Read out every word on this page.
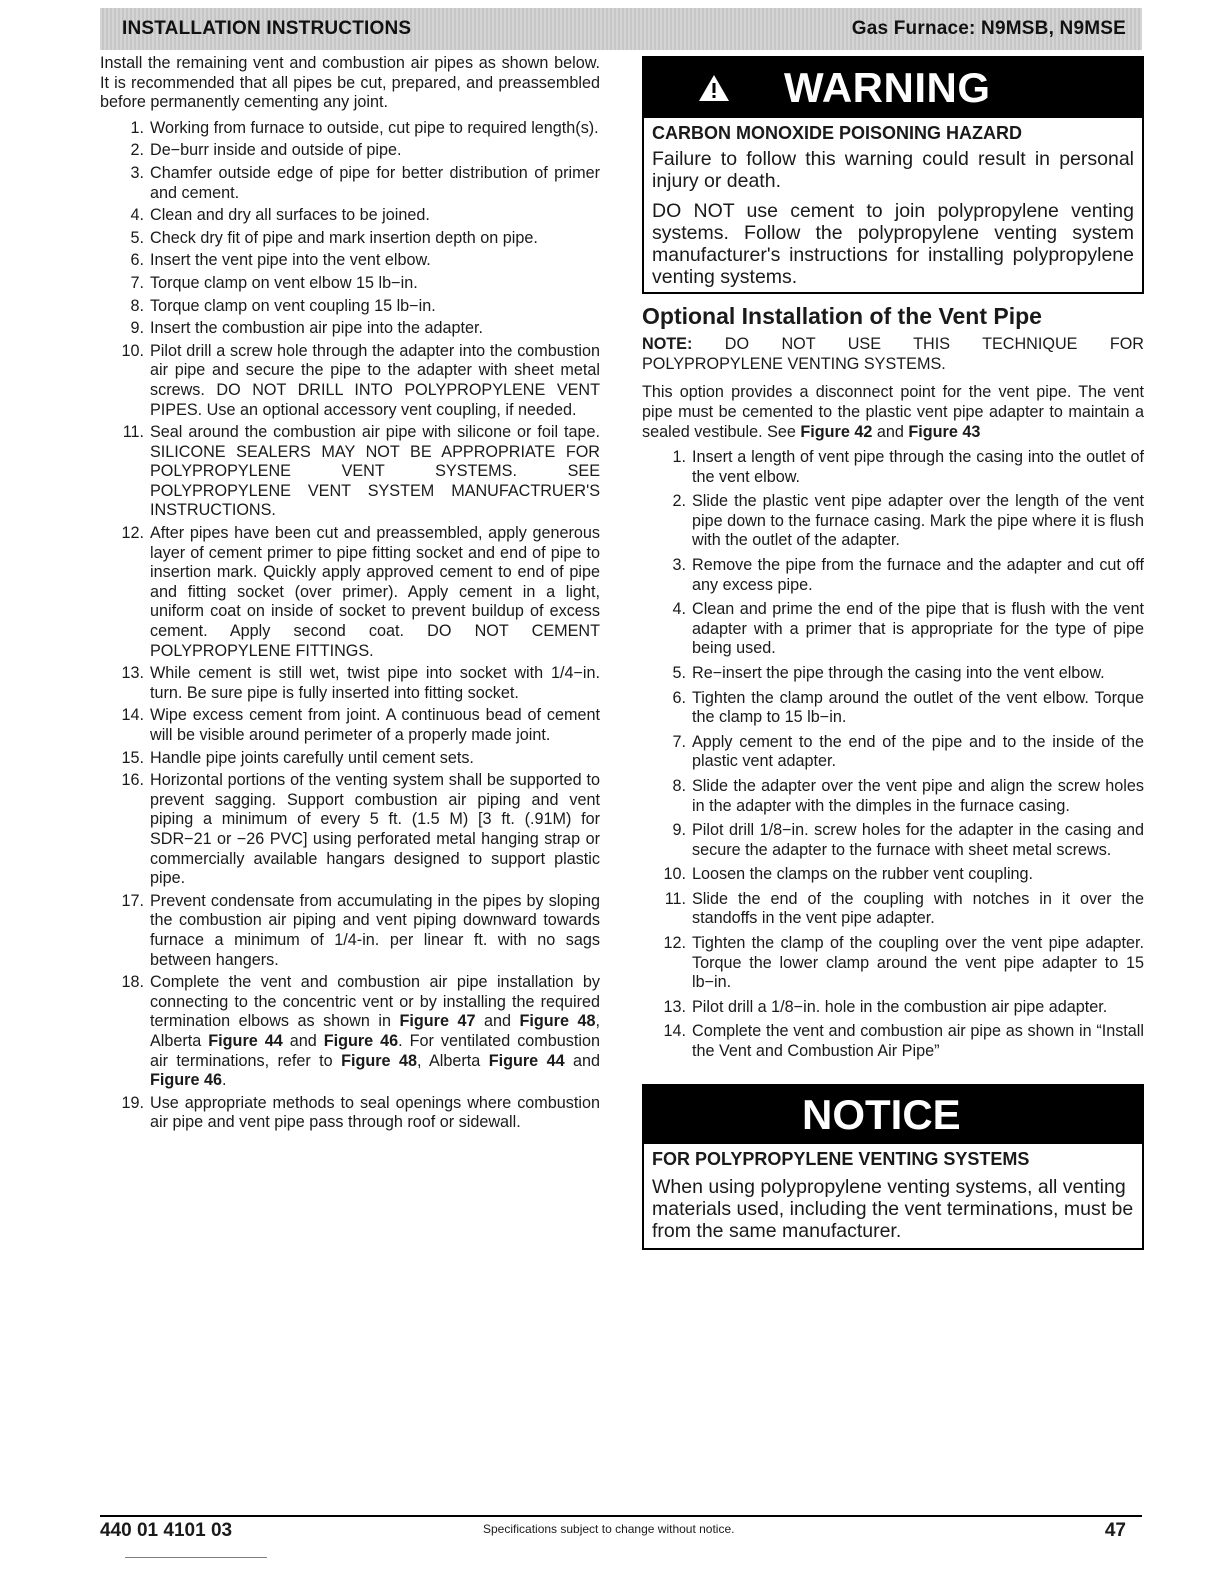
INSTALLATION INSTRUCTIONS	Gas Furnace: N9MSB, N9MSE

Install the remaining vent and combustion air pipes as shown below. It is recommended that all pipes be cut, prepared, and preassembled before permanently cementing any joint.

1. Working from furnace to outside, cut pipe to required length(s).
2. De−burr inside and outside of pipe.
3. Chamfer outside edge of pipe for better distribution of primer and cement.
4. Clean and dry all surfaces to be joined.
5. Check dry fit of pipe and mark insertion depth on pipe.
6. Insert the vent pipe into the vent elbow.
7. Torque clamp on vent elbow 15 lb−in.
8. Torque clamp on vent coupling 15 lb−in.
9. Insert the combustion air pipe into the adapter.
10. Pilot drill a screw hole through the adapter into the combustion air pipe and secure the pipe to the adapter with sheet metal screws. DO NOT DRILL INTO POLYPROPYLENE VENT PIPES. Use an optional accessory vent coupling, if needed.
11. Seal around the combustion air pipe with silicone or foil tape. SILICONE SEALERS MAY NOT BE APPROPRIATE FOR POLYPROPYLENE VENT SYSTEMS. SEE POLYPROPYLENE VENT SYSTEM MANUFACTRUER'S INSTRUCTIONS.
12. After pipes have been cut and preassembled, apply generous layer of cement primer to pipe fitting socket and end of pipe to insertion mark. Quickly apply approved cement to end of pipe and fitting socket (over primer). Apply cement in a light, uniform coat on inside of socket to prevent buildup of excess cement. Apply second coat. DO NOT CEMENT POLYPROPYLENE FITTINGS.
13. While cement is still wet, twist pipe into socket with 1/4−in. turn. Be sure pipe is fully inserted into fitting socket.
14. Wipe excess cement from joint. A continuous bead of cement will be visible around perimeter of a properly made joint.
15. Handle pipe joints carefully until cement sets.
16. Horizontal portions of the venting system shall be supported to prevent sagging. Support combustion air piping and vent piping a minimum of every 5 ft. (1.5 M) [3 ft. (.91M) for SDR−21 or −26 PVC] using perforated metal hanging strap or commercially available hangars designed to support plastic pipe.
17. Prevent condensate from accumulating in the pipes by sloping the combustion air piping and vent piping downward towards furnace a minimum of 1/4-in. per linear ft. with no sags between hangers.
18. Complete the vent and combustion air pipe installation by connecting to the concentric vent or by installing the required termination elbows as shown in Figure 47 and Figure 48, Alberta Figure 44 and Figure 46. For ventilated combustion air terminations, refer to Figure 48, Alberta Figure 44 and Figure 46.
19. Use appropriate methods to seal openings where combustion air pipe and vent pipe pass through roof or sidewall.
WARNING
CARBON MONOXIDE POISONING HAZARD

Failure to follow this warning could result in personal injury or death.

DO NOT use cement to join polypropylene venting systems. Follow the polypropylene venting system manufacturer's instructions for installing polypropylene venting systems.

Optional Installation of the Vent Pipe
NOTE: DO NOT USE THIS TECHNIQUE FOR
POLYPROPYLENE VENTING SYSTEMS.

This option provides a disconnect point for the vent pipe. The vent pipe must be cemented to the plastic vent pipe adapter to maintain a sealed vestibule. See Figure 42 and Figure 43

1. Insert a length of vent pipe through the casing into the outlet of the vent elbow.
2. Slide the plastic vent pipe adapter over the length of the vent pipe down to the furnace casing. Mark the pipe where it is flush with the outlet of the adapter.
3. Remove the pipe from the furnace and the adapter and cut off any excess pipe.
4. Clean and prime the end of the pipe that is flush with the vent adapter with a primer that is appropriate for the type of pipe being used.
5. Re−insert the pipe through the casing into the vent elbow.
6. Tighten the clamp around the outlet of the vent elbow. Torque the clamp to 15 lb−in.
7. Apply cement to the end of the pipe and to the inside of the plastic vent adapter.
8. Slide the adapter over the vent pipe and align the screw holes in the adapter with the dimples in the furnace casing.
9. Pilot drill 1/8−in. screw holes for the adapter in the casing and secure the adapter to the furnace with sheet metal screws.
10. Loosen the clamps on the rubber vent coupling.
11. Slide the end of the coupling with notches in it over the standoffs in the vent pipe adapter.
12. Tighten the clamp of the coupling over the vent pipe adapter. Torque the lower clamp around the vent pipe adapter to 15 lb−in.
13. Pilot drill a 1/8−in. hole in the combustion air pipe adapter.
14. Complete the vent and combustion air pipe as shown in “Install the Vent and Combustion Air Pipe”
NOTICE
FOR POLYPROPYLENE VENTING SYSTEMS

When using polypropylene venting systems, all venting materials used, including the vent terminations, must be from the same manufacturer.

440 01 4101 03	Specifications subject to change without notice.	47
